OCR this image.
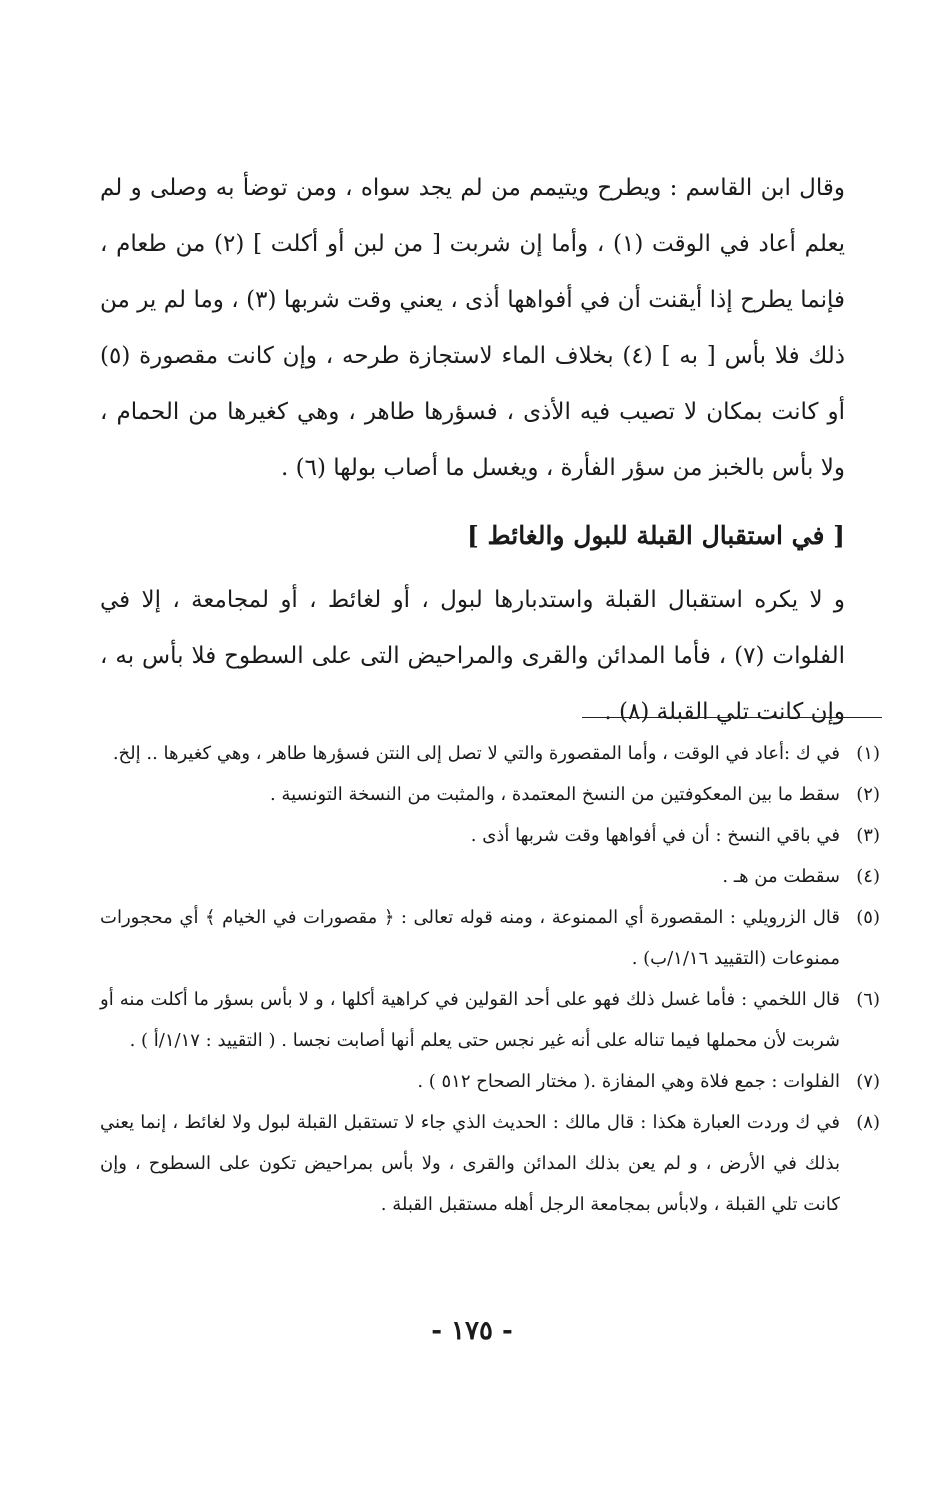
وقال ابن القاسم : ويطرح ويتيمم من لم يجد سواه ، ومن توضأ به وصلى و لم يعلم أعاد في الوقت (١) ، وأما إن شربت [ من لبن أو أكلت ] (٢) من طعام ، فإنما يطرح إذا أيقنت أن في أفواهها أذى ، يعني وقت شربها (٣) ، وما لم ير من ذلك فلا بأس [ به ] (٤) بخلاف الماء لاستجازة طرحه ، وإن كانت مقصورة (٥) أو كانت بمكان لا تصيب فيه الأذى ، فسؤرها طاهر ، وهي كغيرها من الحمام ، ولا بأس بالخبز من سؤر الفأرة ، ويغسل ما أصاب بولها (٦) .

[ في استقبال القبلة للبول والغائط ]

و لا يكره استقبال القبلة واستدبارها لبول ، أو لغائط ، أو لمجامعة ، إلا في الفلوات (٧) ، فأما المدائن والقرى والمراحيض التى على السطوح فلا بأس به ، وإن كانت تلي القبلة (٨) .

(١)
في ك :أعاد في الوقت ، وأما المقصورة والتي لا تصل إلى النتن فسؤرها طاهر ، وهي كغيرها .. إلخ.
(٢)
سقط ما بين المعكوفتين من النسخ المعتمدة ، والمثبت من النسخة التونسية .
(٣)
في باقي النسخ : أن في أفواهها وقت شربها أذى .
(٤)
سقطت من هـ .
(٥)
قال الزرويلي : المقصورة أي الممنوعة ، ومنه قوله تعالى : ﴿ مقصورات في الخيام ﴾ أي محجورات ممنوعات (التقييد ١/١٦/ب) .
(٦)
قال اللخمي : فأما غسل ذلك فهو على أحد القولين في كراهية أكلها ، و لا بأس بسؤر ما أكلت منه أو شربت لأن محملها فيما تناله على أنه غير نجس حتى يعلم أنها أصابت نجسا . ( التقييد : ١/١٧/أ ) .
(٧)
الفلوات : جمع فلاة وهي المفازة .( مختار الصحاح ٥١٢ ) .
(٨)
في ك وردت العبارة هكذا : قال مالك : الحديث الذي جاء لا تستقبل القبلة لبول ولا لغائط ، إنما يعني بذلك في الأرض ، و لم يعن بذلك المدائن والقرى ، ولا بأس بمراحيض تكون على السطوح ، وإن كانت تلي القبلة ، ولابأس بمجامعة الرجل أهله مستقبل القبلة .
- ١٧٥ -
